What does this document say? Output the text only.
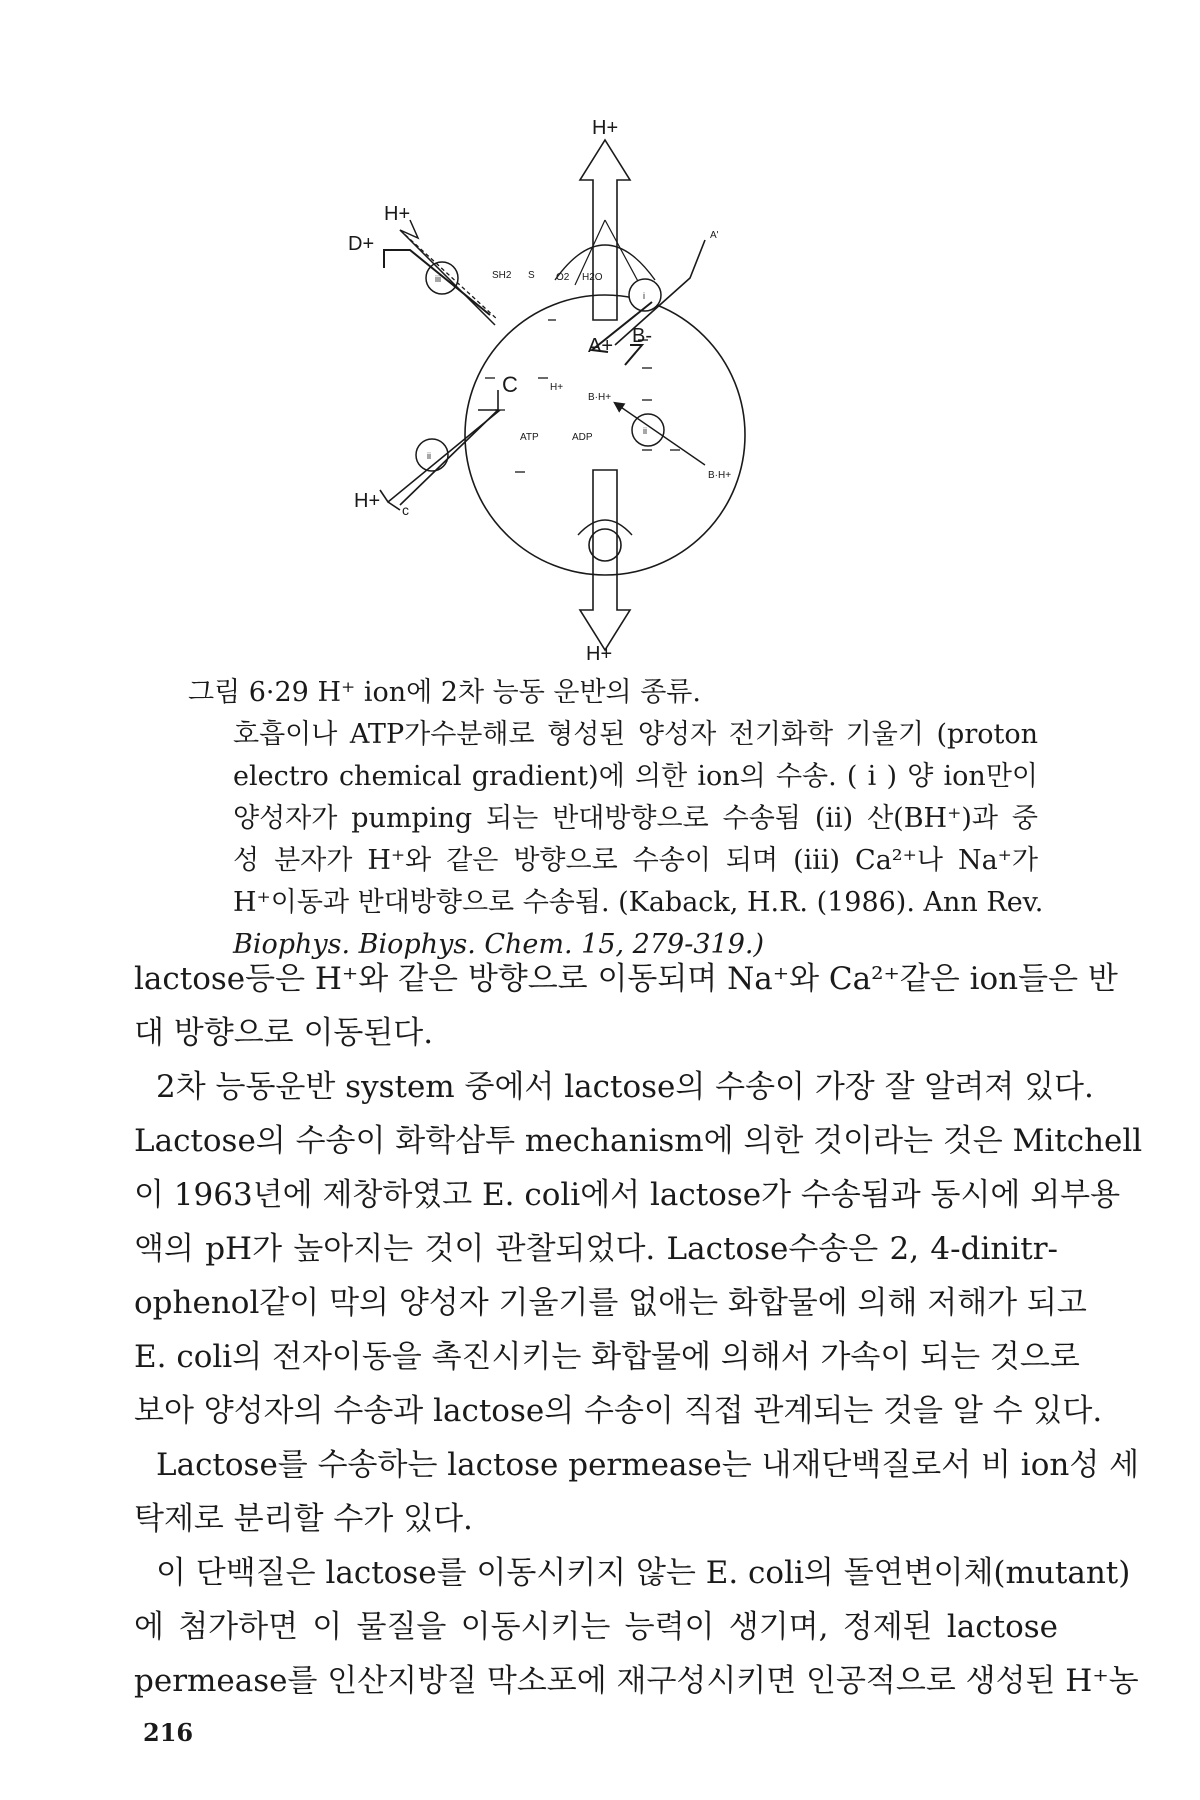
H+
H+
H+
D+
H+ c
C
A+ B-
A'
B·H+
B·H+
SH2 S O2 H2O
ATP	ADP
H+
iii
i
ii
ii
그림 6·29 H⁺ ion에 2차 능동 운반의 종류.
호흡이나 ATP가수분해로 형성된 양성자 전기화학 기울기 (proton
electro chemical gradient)에 의한 ion의 수송. ( i ) 양 ion만이
양성자가 pumping 되는 반대방향으로 수송됨 (ii) 산(BH⁺)과 중
성 분자가 H⁺와 같은 방향으로 수송이 되며 (iii) Ca²⁺나 Na⁺가
H⁺이동과 반대방향으로 수송됨. (Kaback, H.R. (1986). Ann Rev.
Biophys. Biophys. Chem. 15, 279-319.)
lactose등은 H⁺와 같은 방향으로 이동되며 Na⁺와 Ca²⁺같은 ion들은 반
대 방향으로 이동된다.
2차 능동운반 system 중에서 lactose의 수송이 가장 잘 알려져 있다.
Lactose의 수송이 화학삼투 mechanism에 의한 것이라는 것은 Mitchell
이 1963년에 제창하였고 E. coli에서 lactose가 수송됨과 동시에 외부용
액의 pH가 높아지는 것이 관찰되었다. Lactose수송은 2, 4-dinitr-
ophenol같이 막의 양성자 기울기를 없애는 화합물에 의해 저해가 되고
E. coli의 전자이동을 촉진시키는 화합물에 의해서 가속이 되는 것으로
보아 양성자의 수송과 lactose의 수송이 직접 관계되는 것을 알 수 있다.
Lactose를 수송하는 lactose permease는 내재단백질로서 비 ion성 세
탁제로 분리할 수가 있다.
이 단백질은 lactose를 이동시키지 않는 E. coli의 돌연변이체(mutant)
에 첨가하면 이 물질을 이동시키는 능력이 생기며, 정제된 lactose
permease를 인산지방질 막소포에 재구성시키면 인공적으로 생성된 H⁺농
216
